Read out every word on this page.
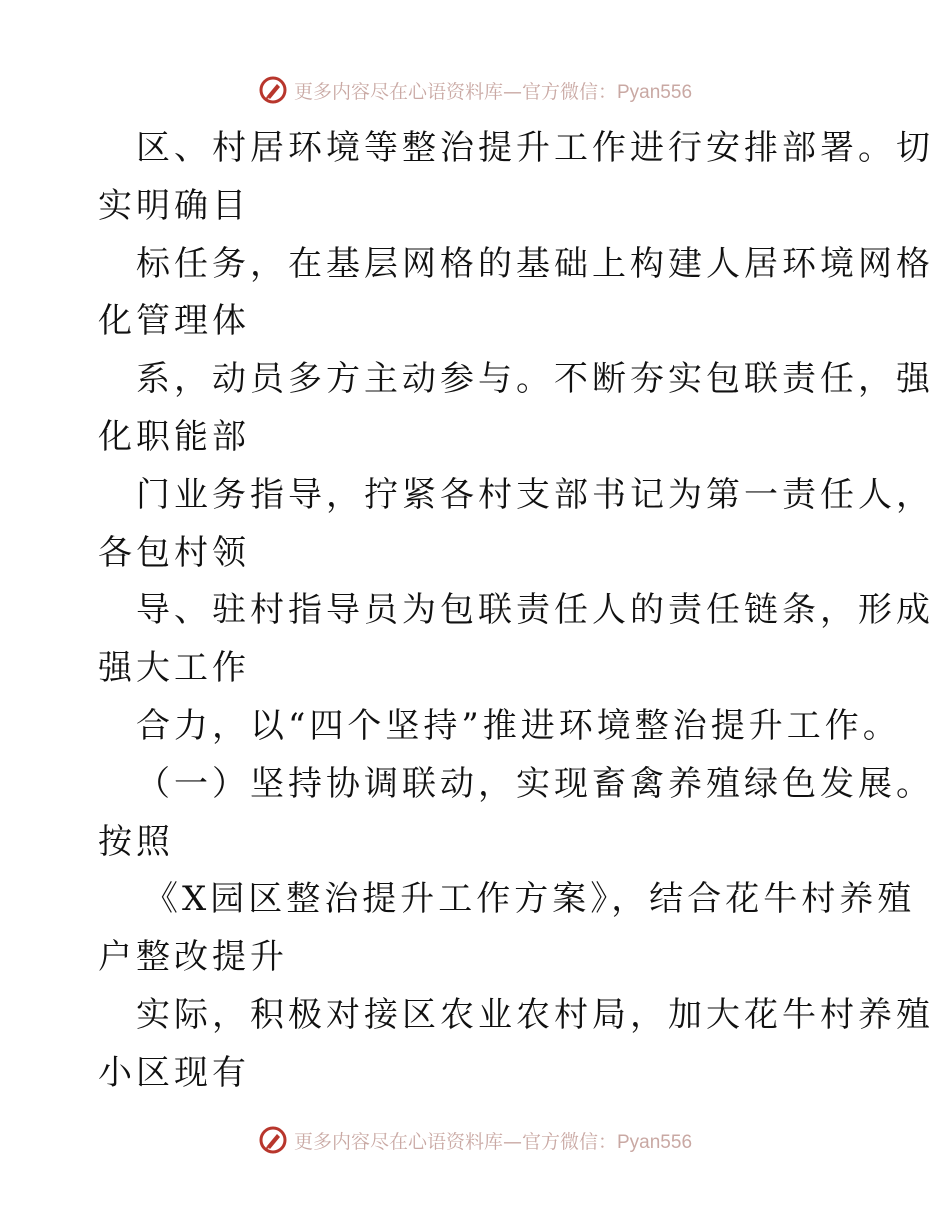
更多内容尽在心语资料库—官方微信：Pyan556
区、村居环境等整治提升工作进行安排部署。切
实明确目
标任务，在基层网格的基础上构建人居环境网格
化管理体
系，动员多方主动参与。不断夯实包联责任，强
化职能部
门业务指导，拧紧各村支部书记为第一责任人，
各包村领
导、驻村指导员为包联责任人的责任链条，形成
强大工作
合力，以“四个坚持”推进环境整治提升工作。
（一）坚持协调联动，实现畜禽养殖绿色发展。
按照
《X园区整治提升工作方案》，结合花牛村养殖
户整改提升
实际，积极对接区农业农村局，加大花牛村养殖
小区现有
更多内容尽在心语资料库—官方微信：Pyan556
